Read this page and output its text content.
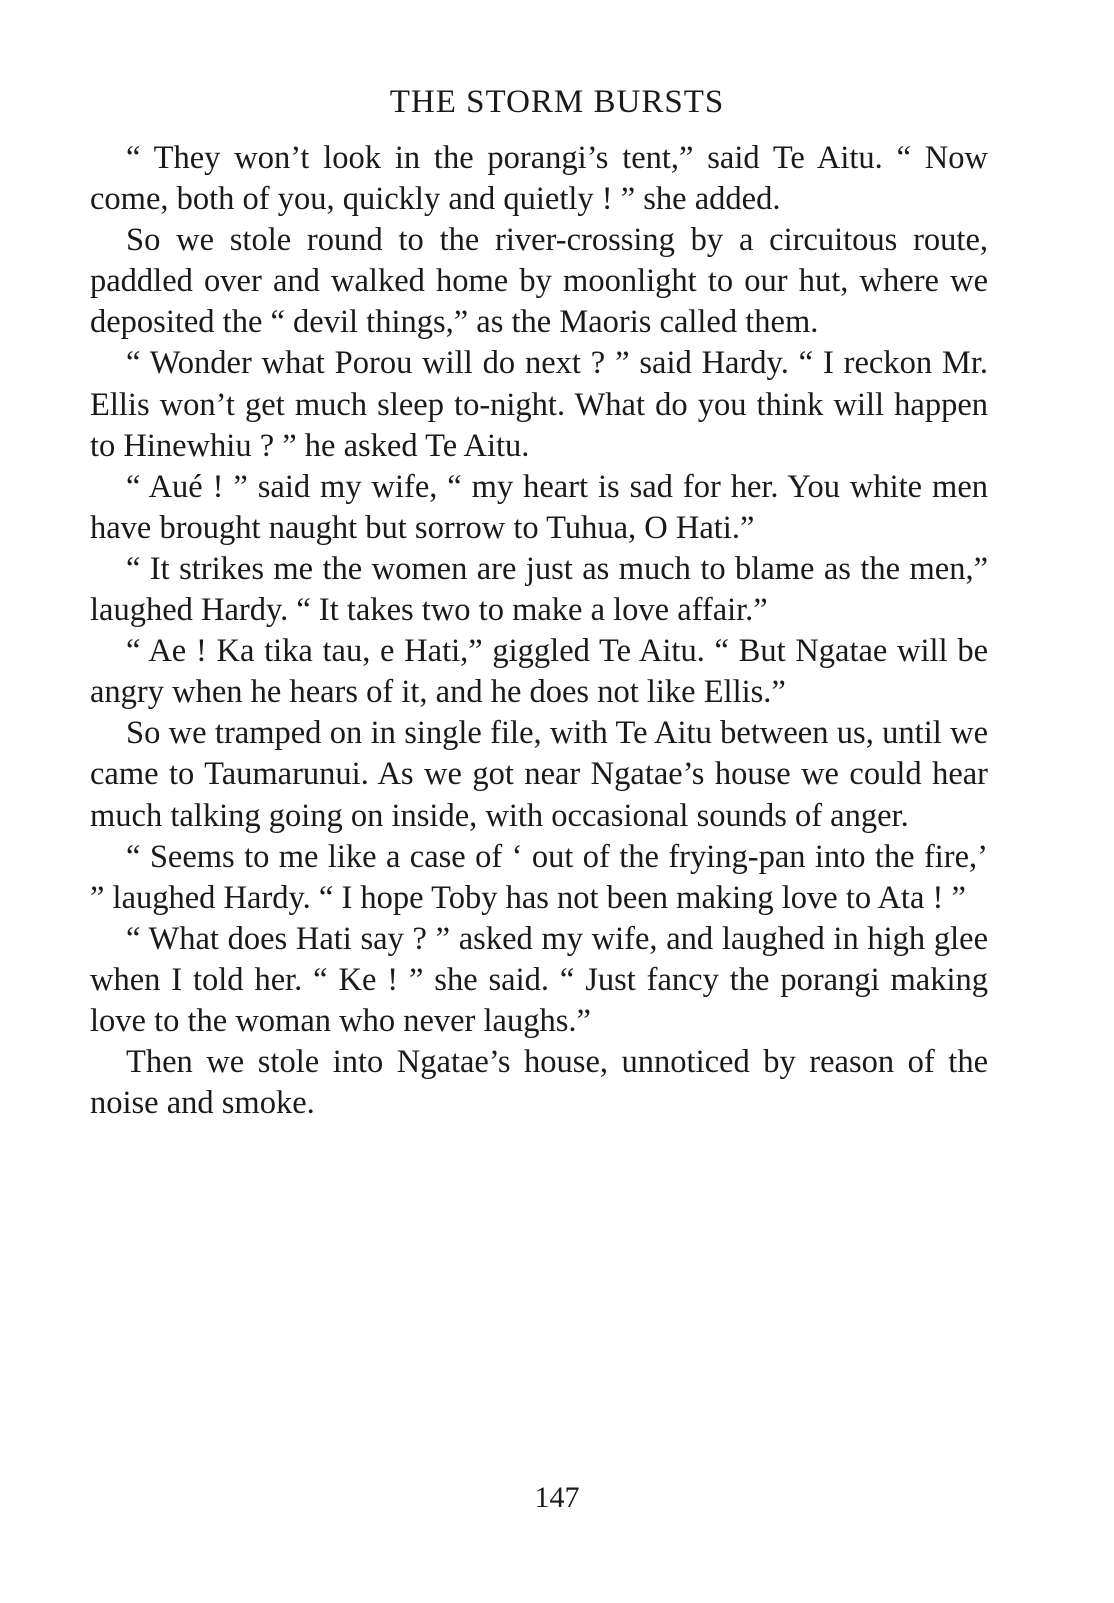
THE STORM BURSTS

“ They won’t look in the porangi’s tent,” said Te Aitu. “ Now come, both of you, quickly and quietly ! ” she added.

So we stole round to the river-crossing by a circuitous route, paddled over and walked home by moonlight to our hut, where we deposited the “ devil things,” as the Maoris called them.

“ Wonder what Porou will do next ? ” said Hardy. “ I reckon Mr. Ellis won’t get much sleep to-night. What do you think will happen to Hinewhiu ? ” he asked Te Aitu.

“ Aué ! ” said my wife, “ my heart is sad for her. You white men have brought naught but sorrow to Tuhua, O Hati.”

“ It strikes me the women are just as much to blame as the men,” laughed Hardy. “ It takes two to make a love affair.”

“ Ae ! Ka tika tau, e Hati,” giggled Te Aitu. “ But Ngatae will be angry when he hears of it, and he does not like Ellis.”

So we tramped on in single file, with Te Aitu between us, until we came to Taumarunui. As we got near Ngatae’s house we could hear much talking going on inside, with occasional sounds of anger.

“ Seems to me like a case of ‘ out of the frying-pan into the fire,’ ” laughed Hardy. “ I hope Toby has not been making love to Ata ! ”

“ What does Hati say ? ” asked my wife, and laughed in high glee when I told her. “ Ke ! ” she said. “ Just fancy the porangi making love to the woman who never laughs.”

Then we stole into Ngatae’s house, unnoticed by reason of the noise and smoke.

147
